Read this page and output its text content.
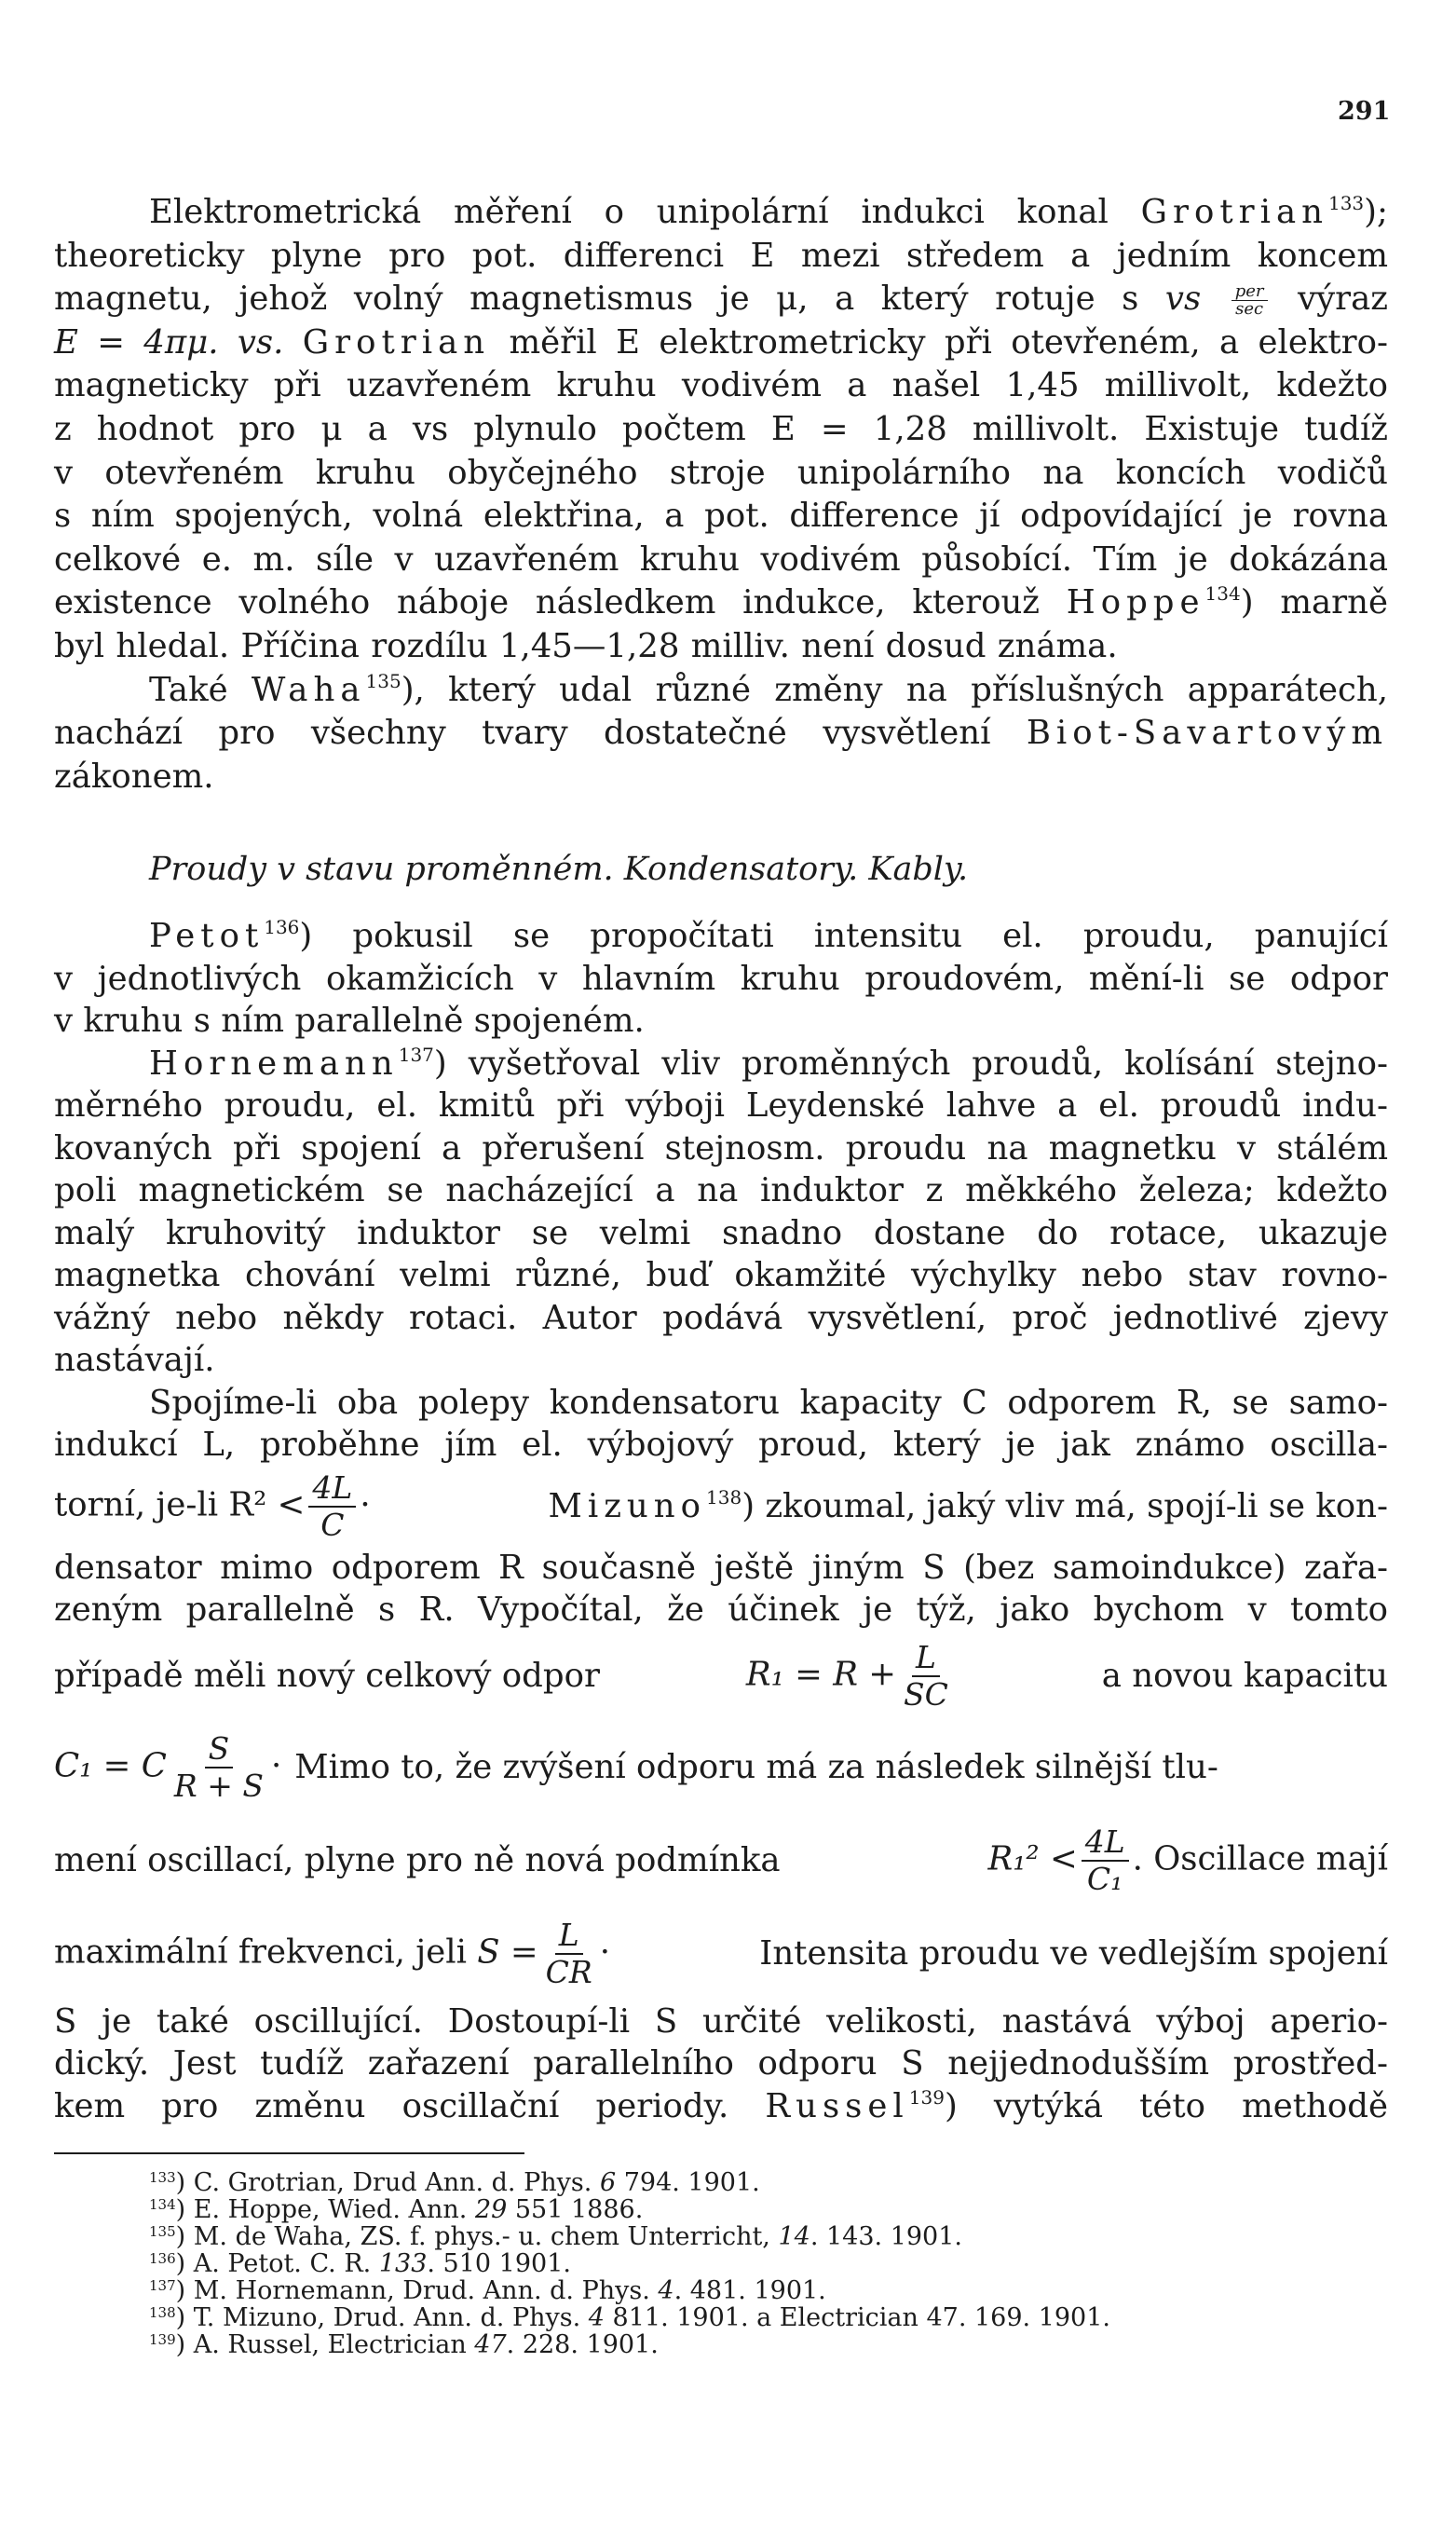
291

Elektrometrická měření o unipolární indukci konal Grotrian$^{133}$);
theoreticky plyne pro pot. differenci E mezi středem a jedním koncem
magnetu, jehož volný magnetismus je μ, a který rotuje s vs $\frac{\text{per}}{\sec}$ výraz
E = 4πμ. vs. Grotrian měřil E elektrometricky při otevřeném, a elektro-
magneticky při uzavřeném kruhu vodivém a našel 1,45 millivolt, kdežto
z hodnot pro μ a vs plynulo počtem E = 1,28 millivolt. Existuje tudíž
v otevřeném kruhu obyčejného stroje unipolárního na koncích vodičů
s ním spojených, volná elektřina, a pot. difference jí odpovídající je rovna
celkové e. m. síle v uzavřeném kruhu vodivém působící. Tím je dokázána
existence volného náboje následkem indukce, kterouž Hoppe$^{134}$) marně
byl hledal. Příčina rozdílu 1,45—1,28 milliv. není dosud známa.

Také Waha$^{135}$), který udal různé změny na příslušných apparátech,
nachází pro všechny tvary dostatečné vysvětlení Biot-Savartovým
zákonem.

Proudy v stavu proměnném. Kondensatory. Kably.

Petot$^{136}$) pokusil se propočítati intensitu el. proudu, panující
v jednotlivých okamžicích v hlavním kruhu proudovém, mění-li se odpor
v kruhu s ním parallelně spojeném.

Hornemann$^{137}$) vyšetřoval vliv proměnných proudů, kolísání stejno-
měrného proudu, el. kmitů při výboji Leydenské lahve a el. proudů indu-
kovaných při spojení a přerušení stejnosm. proudu na magnetku v stálém
poli magnetickém se nacházející a na induktor z měkkého železa; kdežto
malý kruhovitý induktor se velmi snadno dostane do rotace, ukazuje
magnetka chování velmi různé, buď okamžité výchylky nebo stav rovno-
vážný nebo někdy rotaci. Autor podává vysvětlení, proč jednotlivé zjevy
nastávají.

Spojíme-li oba polepy kondensatoru kapacity C odporem R, se samo-
indukcí L, proběhne jím el. výbojový proud, který je jak známo oscilla-
torní, je-li $R^2 < \frac{4L}{C}$ ·	Mizuno$^{138}$) zkoumal, jaký vliv má, spojí-li se kon-
densator mimo odporem R současně ještě jiným S (bez samoindukce) zařa-
zeným parallelně s R. Vypočítal, že účinek je týž, jako bychom v tomto
případě měli nový celkový odpor	$R_1 = R + \frac{L}{SC}$	a novou kapacitu
C₁ = C $\frac{S}{R + S}$ · Mimo to, že zvýšení odporu má za následek silnější tlu-
mení oscillací, plyne pro ně nová podmínka	$R_1^2 < \frac{4L}{\text{C₁}}$ . Oscillace mají
maximální frekvenci, jeli $S = \frac{L}{CR}$ ·	Intensita proudu ve vedlejším spojení
S je také oscillující. Dostoupí-li S určité velikosti, nastává výboj aperio-
dický. Jest tudíž zařazení parallelního odporu S nejjednodušším prostřed-
kem pro změnu oscillační periody. Russel$^{139}$) vytýká této methodě

$^{133}$) C. Grotrian, Drud Ann. d. Phys. 6 794. 1901.
$^{134}$) E. Hoppe, Wied. Ann. 29 551 1886.
$^{135}$) M. de Waha, ZS. f. phys.- u. chem Unterricht, 14. 143. 1901.
$^{136}$) A. Petot. C. R. 133. 510 1901.
$^{137}$) M. Hornemann, Drud. Ann. d. Phys. 4. 481. 1901.
$^{138}$) T. Mizuno, Drud. Ann. d. Phys. 4 811. 1901. a Electrician 47. 169. 1901.
$^{139}$) A. Russel, Electrician 47. 228. 1901.
